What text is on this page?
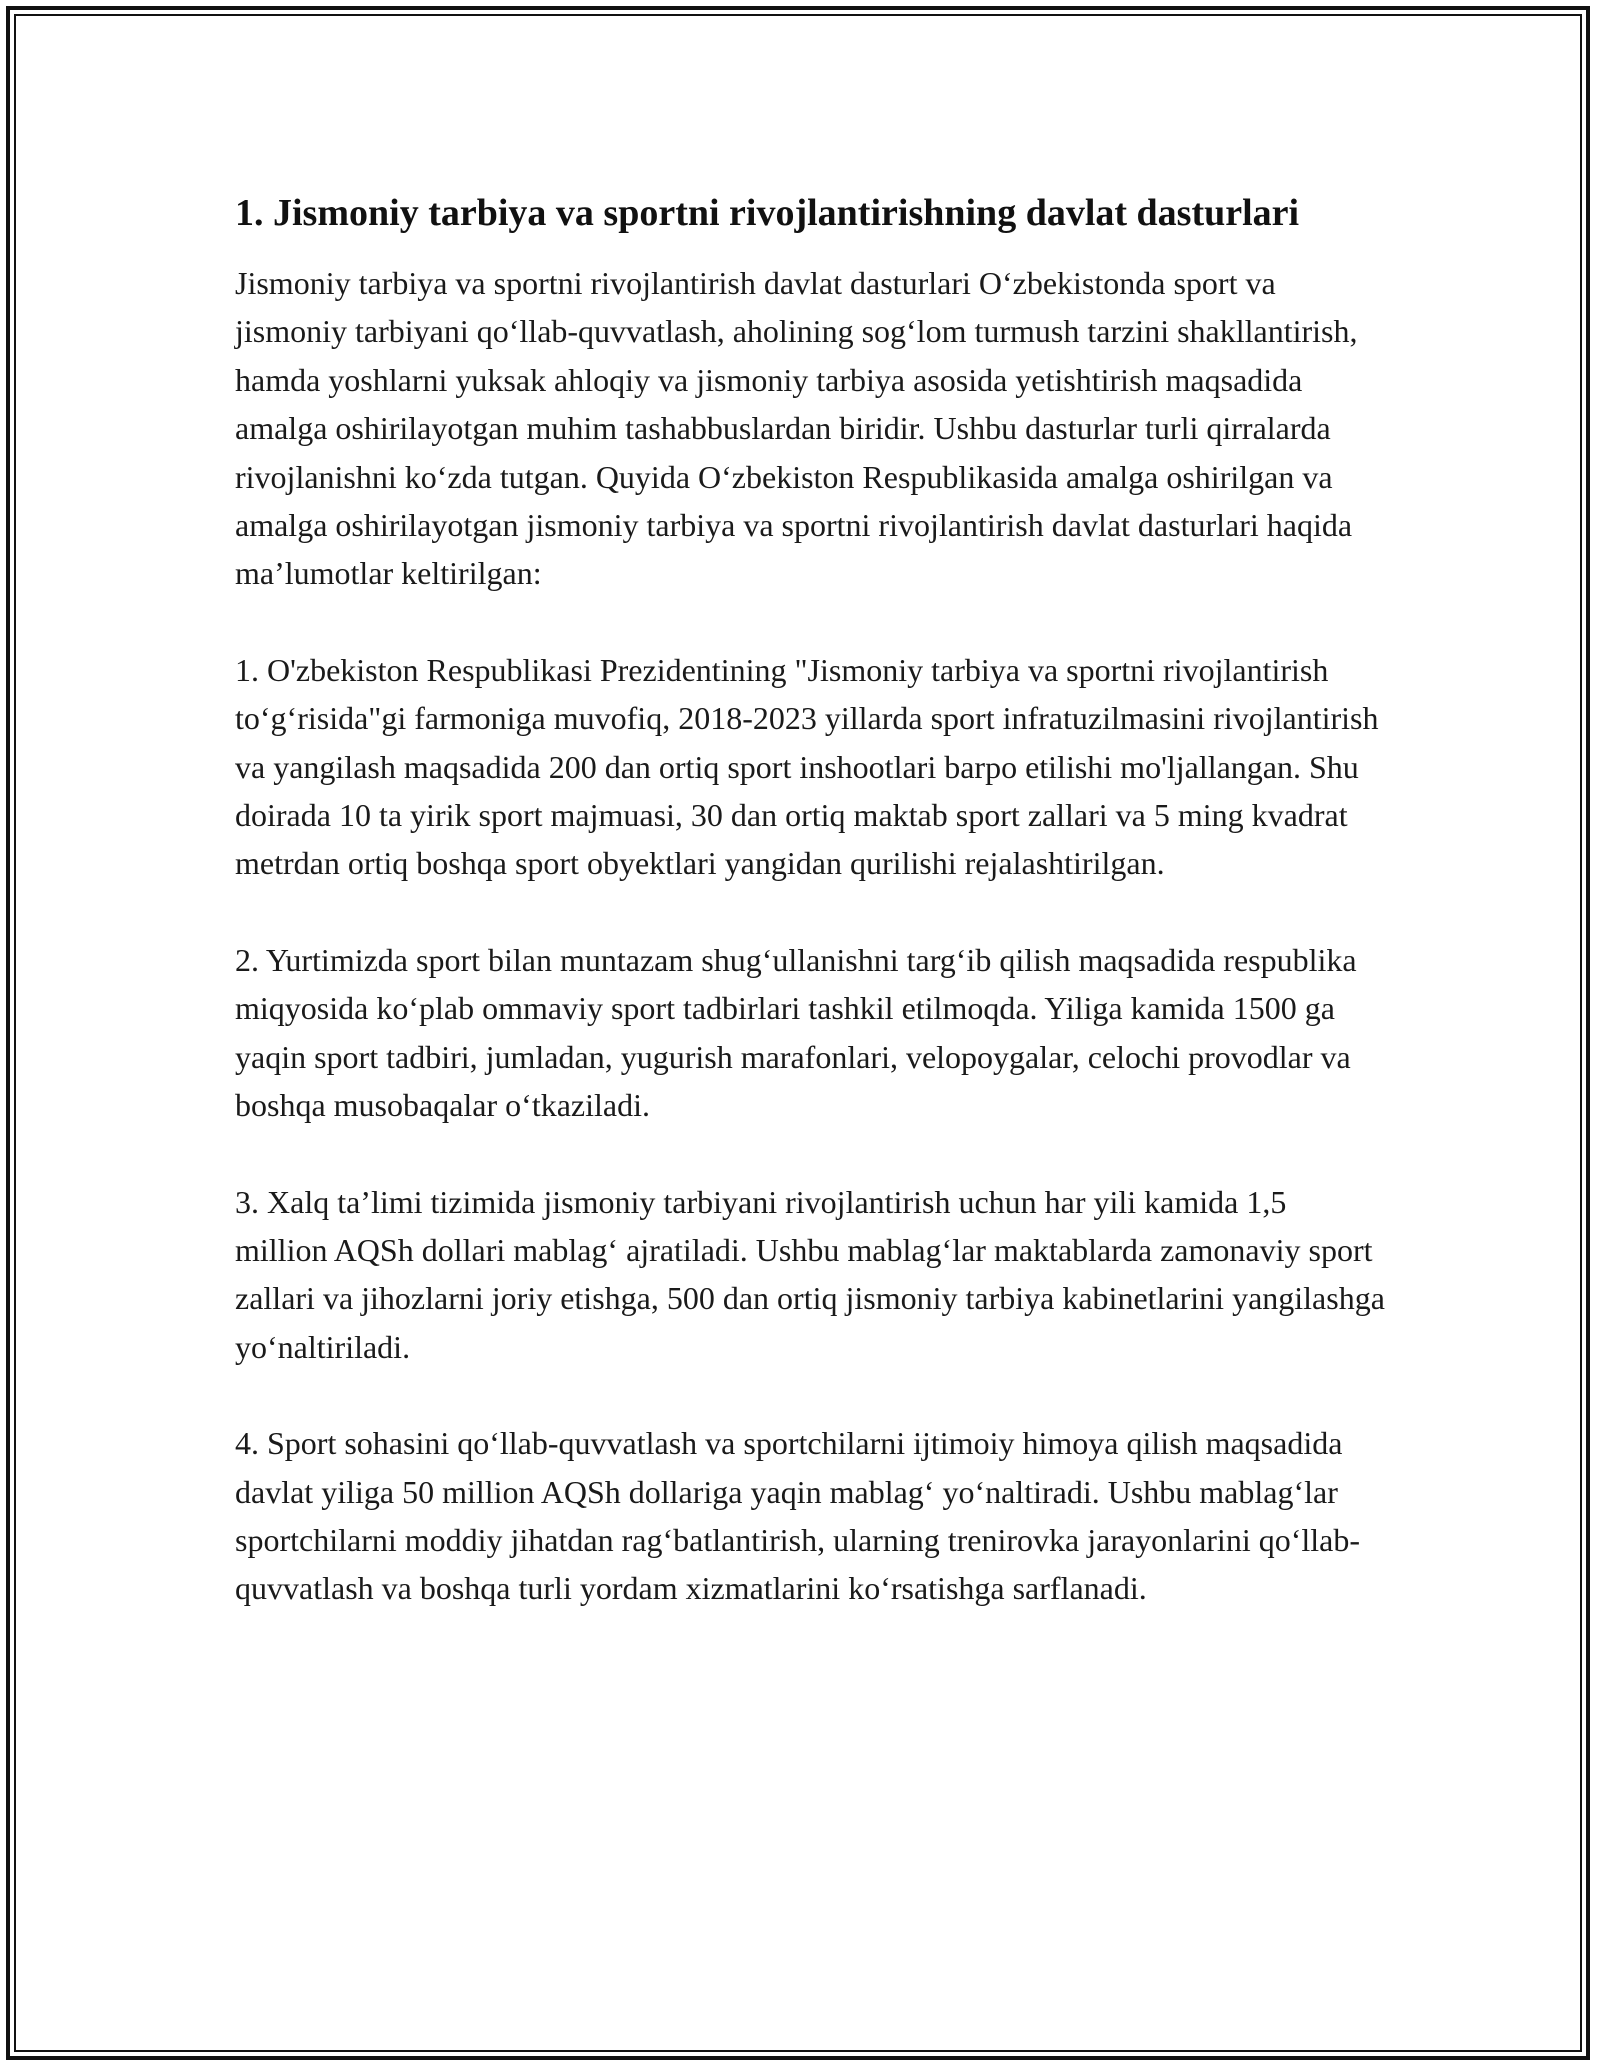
1. Jismoniy tarbiya va sportni rivojlantirishning davlat dasturlari

Jismoniy tarbiya va sportni rivojlantirish davlat dasturlari O‘zbekistonda sport va jismoniy tarbiyani qo‘llab-quvvatlash, aholining sog‘lom turmush tarzini shakllantirish, hamda yoshlarni yuksak ahloqiy va jismoniy tarbiya asosida yetishtirish maqsadida amalga oshirilayotgan muhim tashabbuslardan biridir. Ushbu dasturlar turli qirralarda rivojlanishni ko‘zda tutgan. Quyida O‘zbekiston Respublikasida amalga oshirilgan va amalga oshirilayotgan jismoniy tarbiya va sportni rivojlantirish davlat dasturlari haqida ma’lumotlar keltirilgan:

1. O'zbekiston Respublikasi Prezidentining "Jismoniy tarbiya va sportni rivojlantirish to‘g‘risida"gi farmoniga muvofiq, 2018-2023 yillarda sport infratuzilmasini rivojlantirish va yangilash maqsadida 200 dan ortiq sport inshootlari barpo etilishi mo'ljallangan. Shu doirada 10 ta yirik sport majmuasi, 30 dan ortiq maktab sport zallari va 5 ming kvadrat metrdan ortiq boshqa sport obyektlari yangidan qurilishi rejalashtirilgan.

2. Yurtimizda sport bilan muntazam shug‘ullanishni targ‘ib qilish maqsadida respublika miqyosida ko‘plab ommaviy sport tadbirlari tashkil etilmoqda. Yiliga kamida 1500 ga yaqin sport tadbiri, jumladan, yugurish marafonlari, velopoygalar, celochi provodlar va boshqa musobaqalar o‘tkaziladi.

3. Xalq ta’limi tizimida jismoniy tarbiyani rivojlantirish uchun har yili kamida 1,5 million AQSh dollari mablag‘ ajratiladi. Ushbu mablag‘lar maktablarda zamonaviy sport zallari va jihozlarni joriy etishga, 500 dan ortiq jismoniy tarbiya kabinetlarini yangilashga yo‘naltiriladi.

4. Sport sohasini qo‘llab-quvvatlash va sportchilarni ijtimoiy himoya qilish maqsadida davlat yiliga 50 million AQSh dollariga yaqin mablag‘ yo‘naltiradi. Ushbu mablag‘lar sportchilarni moddiy jihatdan rag‘batlantirish, ularning trenirovka jarayonlarini qo‘llab-quvvatlash va boshqa turli yordam xizmatlarini ko‘rsatishga sarflanadi.
